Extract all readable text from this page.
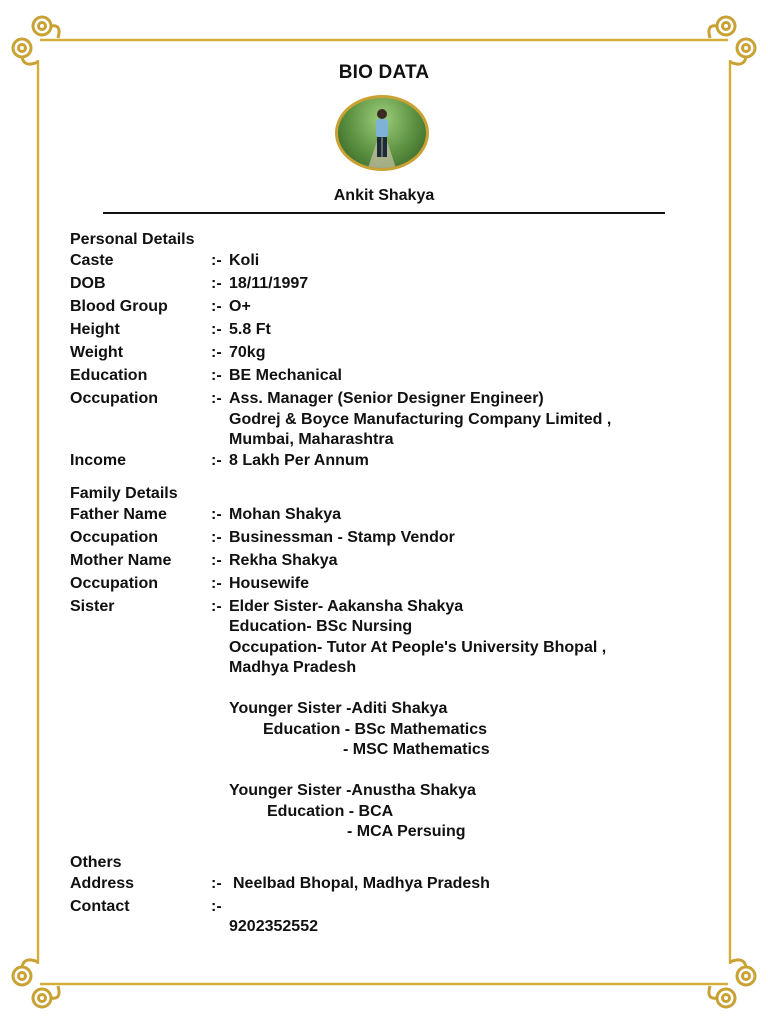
BIO DATA
Ankit Shakya
Personal Details
Caste	:- Koli
DOB	:- 18/11/1997
Blood Group	:- O+
Height	:- 5.8 Ft
Weight	:- 70kg
Education	:- BE Mechanical
Occupation	:- Ass. Manager (Senior Designer Engineer)
Godrej & Boyce Manufacturing Company Limited ,
Mumbai, Maharashtra
Income	:- 8 Lakh Per Annum
Family Details
Father Name	:- Mohan Shakya
Occupation	:- Businessman - Stamp Vendor
Mother Name	:- Rekha Shakya
Occupation	:- Housewife
Sister	:- Elder Sister- Aakansha Shakya
Education- BSc Nursing
Occupation- Tutor At People's University Bhopal ,
Madhya Pradesh
Younger Sister -Aditi Shakya
Education - BSc Mathematics
- MSC Mathematics
Younger Sister -Anustha Shakya
Education - BCA
- MCA Persuing
Others
Address	:- Neelbad Bhopal, Madhya Pradesh
Contact	:-

9202352552
